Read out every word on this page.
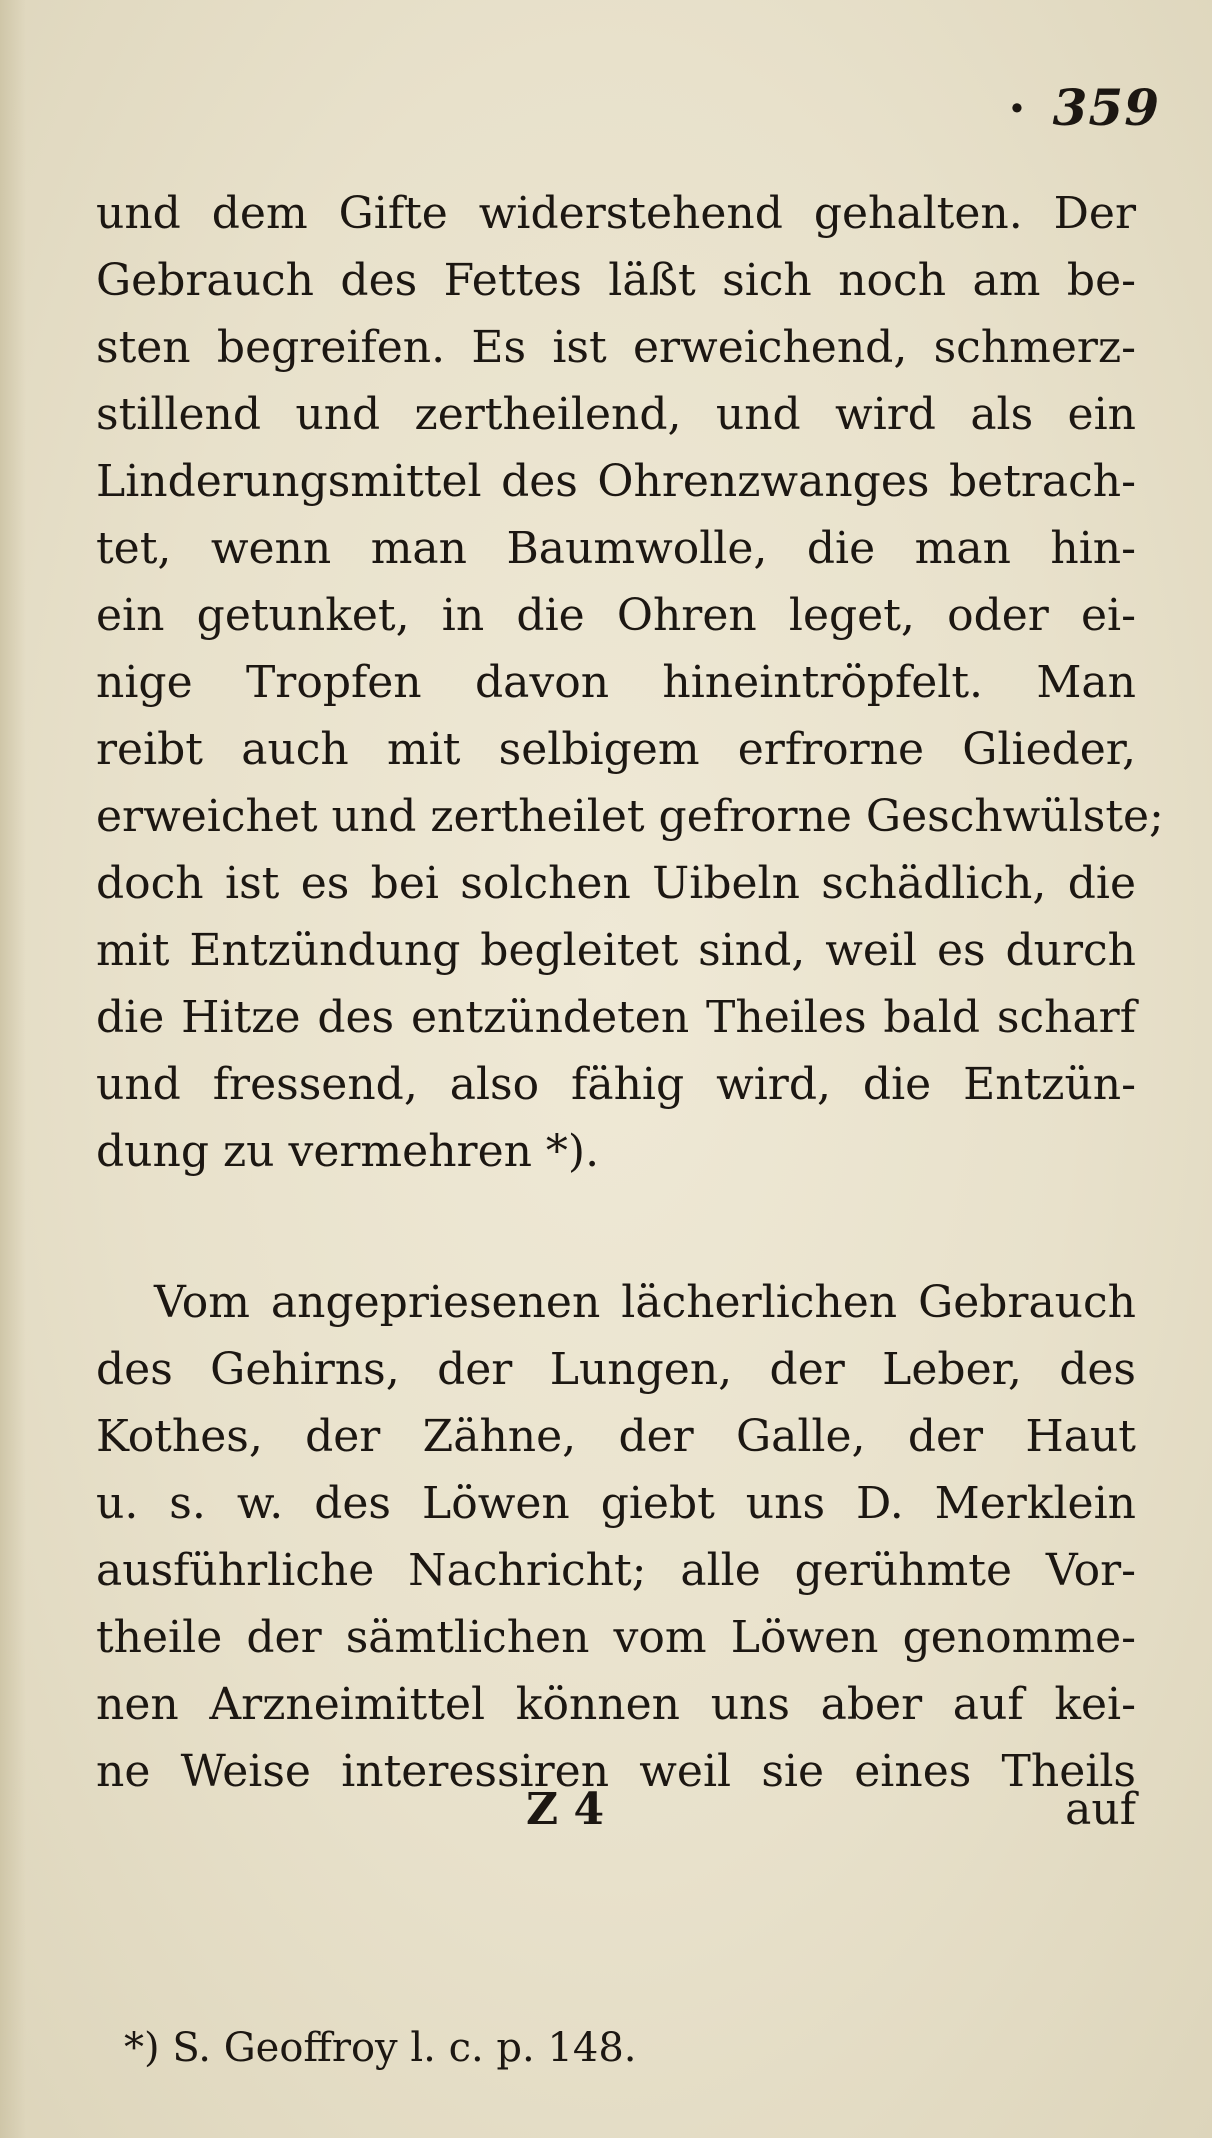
· 359
und dem Gifte widerstehend gehalten. Der
Gebrauch des Fettes läßt sich noch am be-
sten begreifen. Es ist erweichend, schmerz-
stillend und zertheilend, und wird als ein
Linderungsmittel des Ohrenzwanges betrach-
tet, wenn man Baumwolle, die man hin-
ein getunket, in die Ohren leget, oder ei-
nige Tropfen davon hineintröpfelt. Man
reibt auch mit selbigem erfrorne Glieder,
erweichet und zertheilet gefrorne Geschwülste;
doch ist es bei solchen Uibeln schädlich, die
mit Entzündung begleitet sind, weil es durch
die Hitze des entzündeten Theiles bald scharf
und fressend, also fähig wird, die Entzün-
dung zu vermehren *).
Vom angepriesenen lächerlichen Gebrauch
des Gehirns, der Lungen, der Leber, des
Kothes, der Zähne, der Galle, der Haut
u. s. w. des Löwen giebt uns D. Merklein
ausführliche Nachricht; alle gerühmte Vor-
theile der sämtlichen vom Löwen genomme-
nen Arzneimittel können uns aber auf kei-
ne Weise interessiren weil sie eines Theils
Z 4	auf
*) S. Geoffroy l. c. p. 148.
